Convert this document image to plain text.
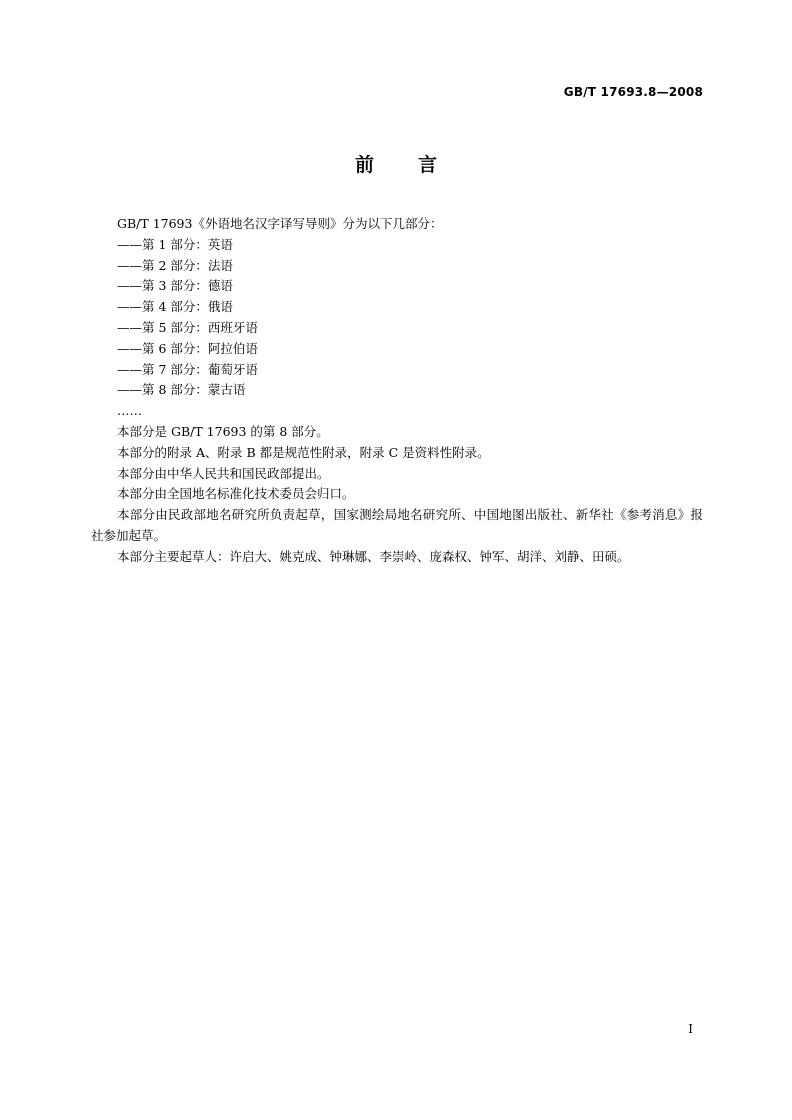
GB/T 17693.8—2008
前言

GB/T 17693《外语地名汉字译写导则》分为以下几部分：

——第 1 部分：英语

——第 2 部分：法语

——第 3 部分：德语

——第 4 部分：俄语

——第 5 部分：西班牙语

——第 6 部分：阿拉伯语

——第 7 部分：葡萄牙语

——第 8 部分：蒙古语

……

本部分是 GB/T 17693 的第 8 部分。

本部分的附录 A、附录 B 都是规范性附录，附录 C 是资料性附录。

本部分由中华人民共和国民政部提出。

本部分由全国地名标准化技术委员会归口。

本部分由民政部地名研究所负责起草，国家测绘局地名研究所、中国地图出版社、新华社《参考消息》报社参加起草。

本部分主要起草人：许启大、姚克成、钟琳娜、李崇岭、庞森权、钟军、胡洋、刘静、田硕。

I
